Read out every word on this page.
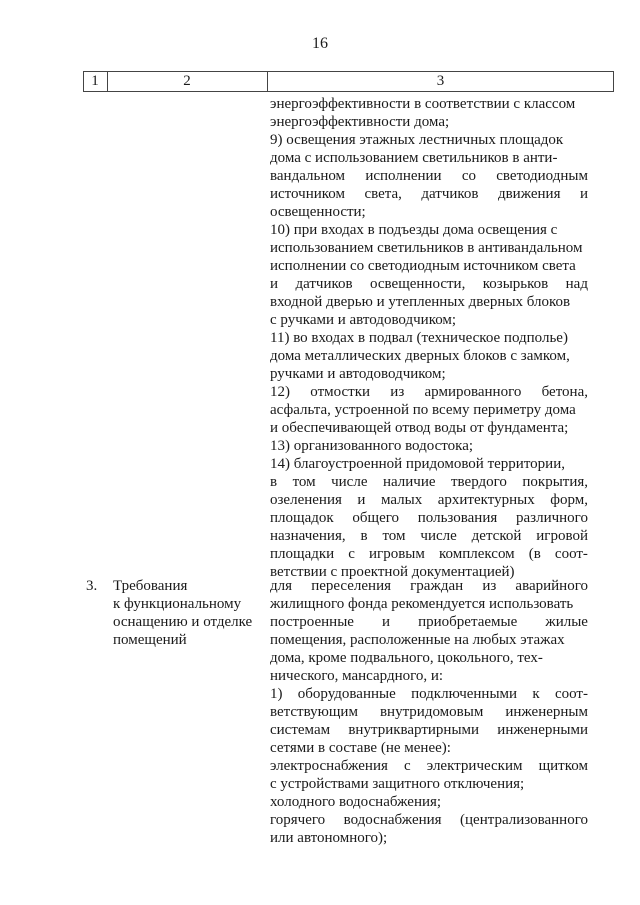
16
1	2	3
энергоэффективности в соответствии с классом
энергоэффективности дома;
9) освещения этажных лестничных площадок
дома с использованием светильников в анти-
вандальном исполнении со светодиодным
источником света, датчиков движения и
освещенности;
10) при входах в подъезды дома освещения с
использованием светильников в антивандальном
исполнении со светодиодным источником света
и датчиков освещенности, козырьков над
входной дверью и утепленных дверных блоков
с ручками и автодоводчиком;
11) во входах в подвал (техническое подполье)
дома металлических дверных блоков с замком,
ручками и автодоводчиком;
12) отмостки из армированного бетона,
асфальта, устроенной по всему периметру дома
и обеспечивающей отвод воды от фундамента;
13) организованного водостока;
14) благоустроенной придомовой территории,
в том числе наличие твердого покрытия,
озеленения и малых архитектурных форм,
площадок общего пользования различного
назначения, в том числе детской игровой
площадки с игровым комплексом (в соот-
ветствии с проектной документацией)
3. Требования
к функциональному
оснащению и отделке
помещений
для переселения граждан из аварийного
жилищного фонда рекомендуется использовать
построенные и приобретаемые жилые
помещения, расположенные на любых этажах
дома, кроме подвального, цокольного, тех-
нического, мансардного, и:
1) оборудованные подключенными к соот-
ветствующим внутридомовым инженерным
системам внутриквартирными инженерными
сетями в составе (не менее):
электроснабжения с электрическим щитком
с устройствами защитного отключения;
холодного водоснабжения;
горячего водоснабжения (централизованного
или автономного);
